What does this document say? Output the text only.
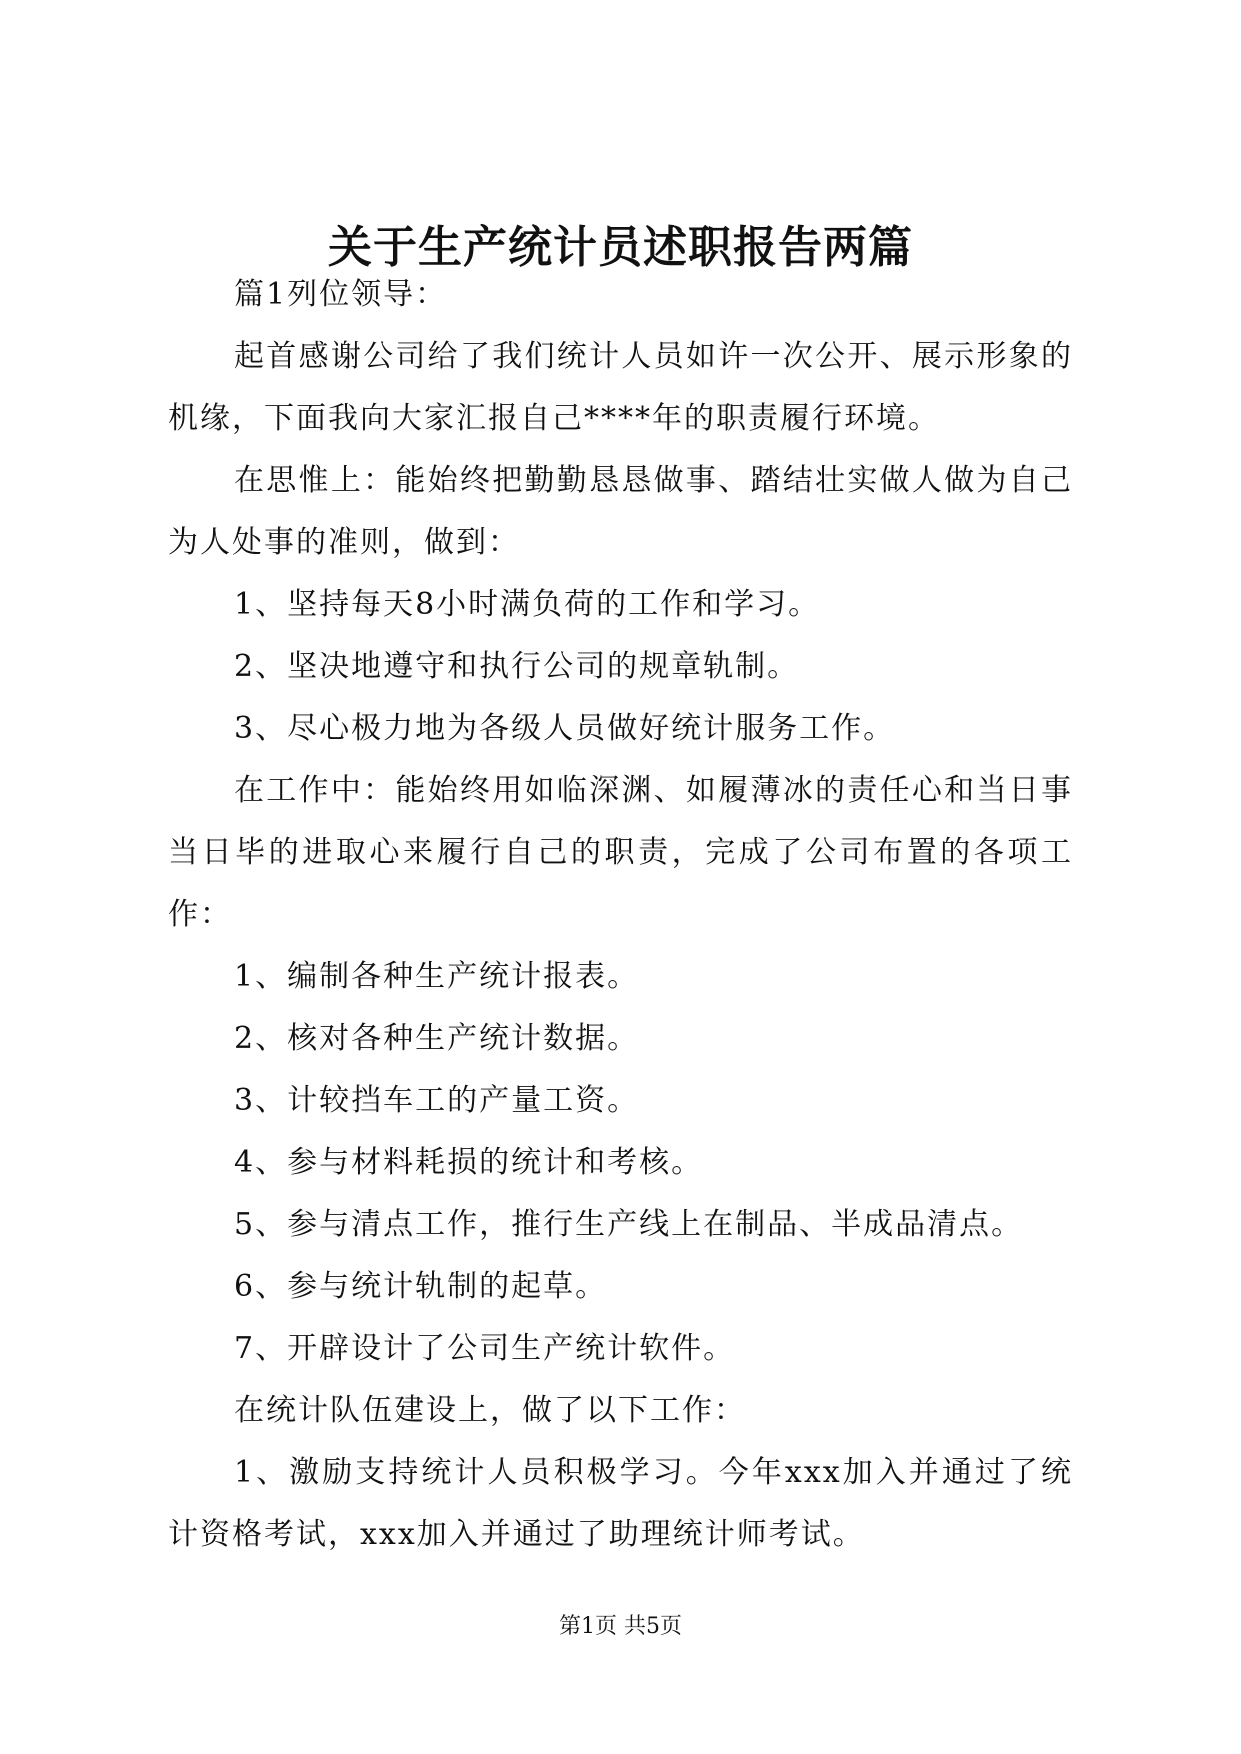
关于生产统计员述职报告两篇

篇1列位领导：

起首感谢公司给了我们统计人员如许一次公开、展示形象的机缘，下面我向大家汇报自己****年的职责履行环境。

在思惟上：能始终把勤勤恳恳做事、踏结壮实做人做为自己为人处事的准则，做到：

1、坚持每天8小时满负荷的工作和学习。

2、坚决地遵守和执行公司的规章轨制。

3、尽心极力地为各级人员做好统计服务工作。

在工作中：能始终用如临深渊、如履薄冰的责任心和当日事当日毕的进取心来履行自己的职责，完成了公司布置的各项工作：

1、编制各种生产统计报表。

2、核对各种生产统计数据。

3、计较挡车工的产量工资。

4、参与材料耗损的统计和考核。

5、参与清点工作，推行生产线上在制品、半成品清点。

6、参与统计轨制的起草。

7、开辟设计了公司生产统计软件。

在统计队伍建设上，做了以下工作：

1、激励支持统计人员积极学习。今年xxx加入并通过了统计资格考试，xxx加入并通过了助理统计师考试。

第1页 共5页
